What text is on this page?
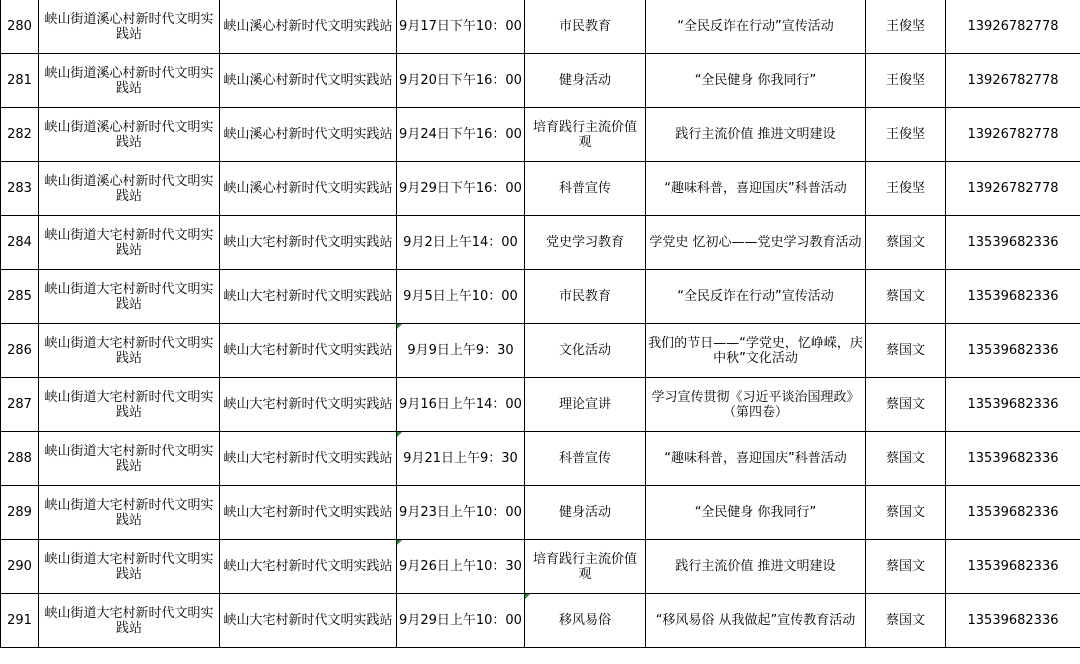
280	峡山街道溪心村新时代文明实践站	峡山溪心村新时代文明实践站	9月17日下午10：00	市民教育	“全民反诈在行动”宣传活动	王俊坚	13926782778
281	峡山街道溪心村新时代文明实践站	峡山溪心村新时代文明实践站	9月20日下午16：00	健身活动	“全民健身 你我同行”	王俊坚	13926782778
282	峡山街道溪心村新时代文明实践站	峡山溪心村新时代文明实践站	9月24日下午16：00	培育践行主流价值观	践行主流价值 推进文明建设	王俊坚	13926782778
283	峡山街道溪心村新时代文明实践站	峡山溪心村新时代文明实践站	9月29日下午16：00	科普宣传	“趣味科普，喜迎国庆”科普活动	王俊坚	13926782778
284	峡山街道大宅村新时代文明实践站	峡山大宅村新时代文明实践站	9月2日上午14：00	党史学习教育	学党史 忆初心——党史学习教育活动	蔡国文	13539682336
285	峡山街道大宅村新时代文明实践站	峡山大宅村新时代文明实践站	9月5日上午10：00	市民教育	“全民反诈在行动”宣传活动	蔡国文	13539682336
286	峡山街道大宅村新时代文明实践站	峡山大宅村新时代文明实践站	9月9日上午9：30	文化活动	我们的节日——“学党史，忆峥嵘，庆中秋”文化活动	蔡国文	13539682336
287	峡山街道大宅村新时代文明实践站	峡山大宅村新时代文明实践站	9月16日上午14：00	理论宣讲	学习宣传贯彻《习近平谈治国理政》（第四卷）	蔡国文	13539682336
288	峡山街道大宅村新时代文明实践站	峡山大宅村新时代文明实践站	9月21日上午9：30	科普宣传	“趣味科普，喜迎国庆”科普活动	蔡国文	13539682336
289	峡山街道大宅村新时代文明实践站	峡山大宅村新时代文明实践站	9月23日上午10：00	健身活动	“全民健身 你我同行”	蔡国文	13539682336
290	峡山街道大宅村新时代文明实践站	峡山大宅村新时代文明实践站	9月26日上午10：30	培育践行主流价值观	践行主流价值 推进文明建设	蔡国文	13539682336
291	峡山街道大宅村新时代文明实践站	峡山大宅村新时代文明实践站	9月29日上午10：00	移风易俗	“移风易俗 从我做起”宣传教育活动	蔡国文	13539682336
